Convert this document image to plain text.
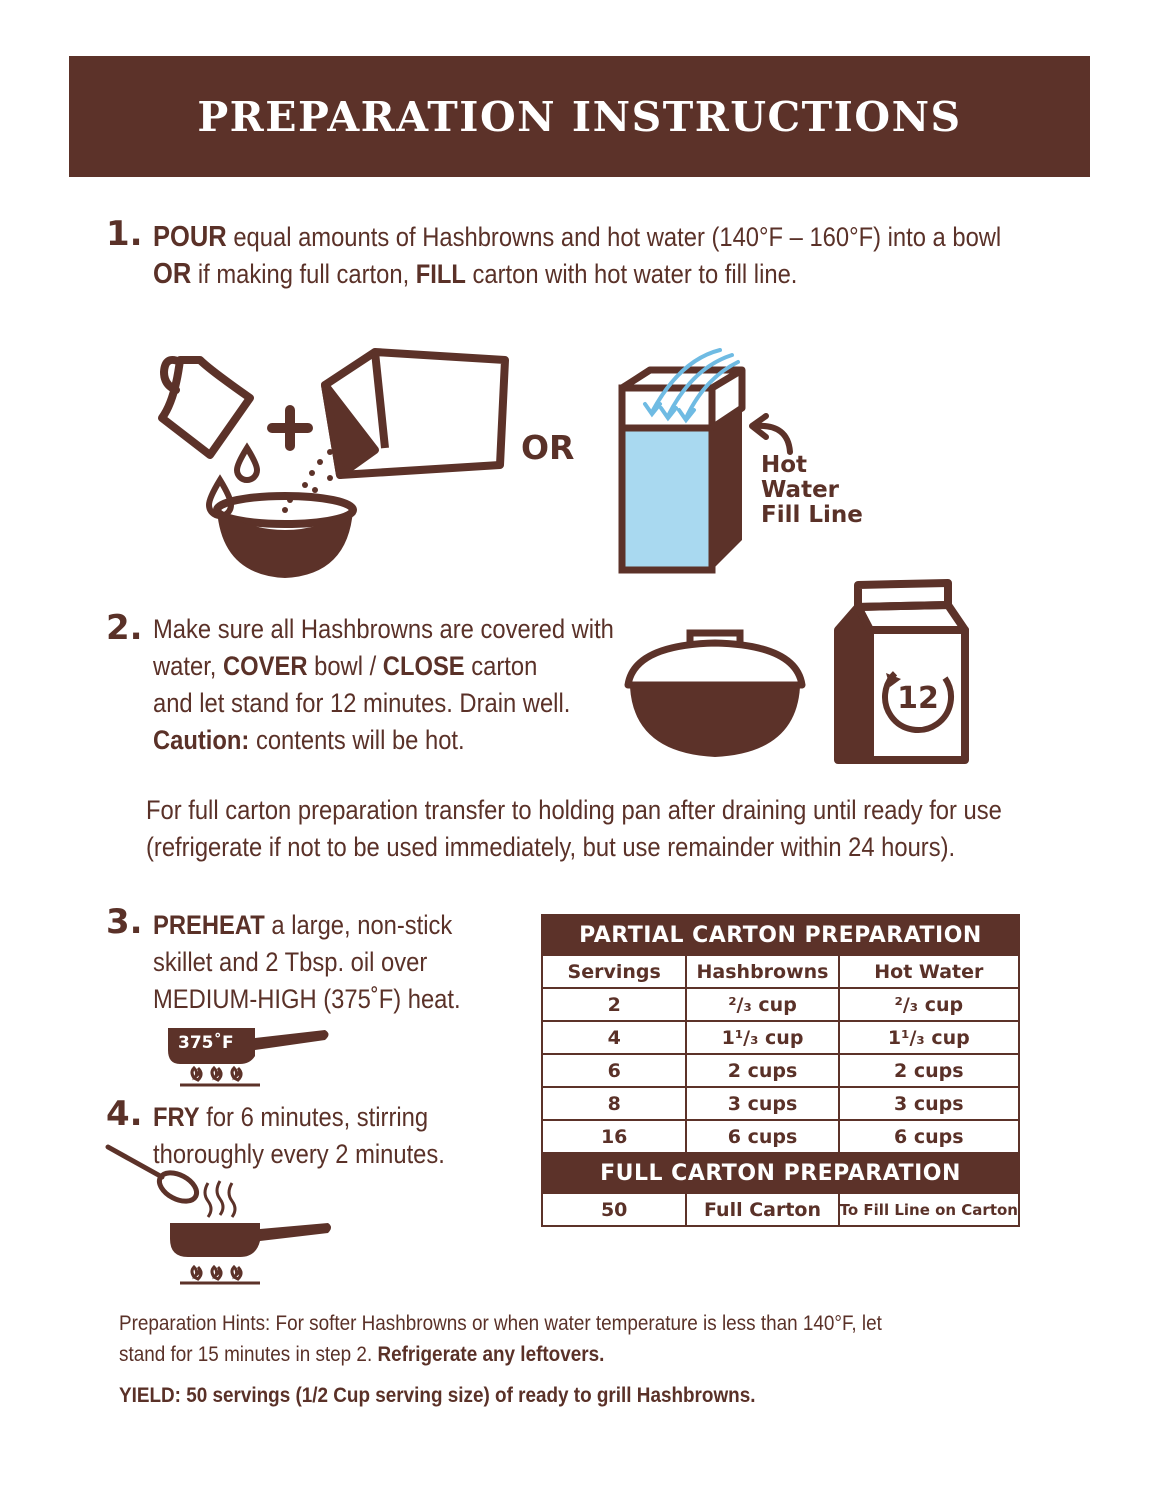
PREPARATION INSTRUCTIONS
1. POUR equal amounts of Hashbrowns and hot water (140°F – 160°F) into a bowl
OR if making full carton, FILL carton with hot water to fill line.
OR	Hot
Water
Fill Line
2. Make sure all Hashbrowns are covered with
water, COVER bowl / CLOSE carton
and let stand for 12 minutes. Drain well.
Caution: contents will be hot.
12
For full carton preparation transfer to holding pan after draining until ready for use
(refrigerate if not to be used immediately, but use remainder within 24 hours).
3. PREHEAT a large, non-stick
skillet and 2 Tbsp. oil over
MEDIUM-HIGH (375˚F) heat.
375˚F
4. FRY for 6 minutes, stirring
thoroughly every 2 minutes.
PARTIAL CARTON PREPARATION		
Servings	Hashbrowns	Hot Water
2	²/₃ cup	²/₃ cup
4	1¹/₃ cup	1¹/₃ cup
6	2 cups	2 cups
8	3 cups	3 cups
16	6 cups	6 cups
FULL CARTON PREPARATION		
50	Full Carton	To Fill Line on Carton
Preparation Hints: For softer Hashbrowns or when water temperature is less than 140°F, let
stand for 15 minutes in step 2. Refrigerate any leftovers.
YIELD: 50 servings (1/2 Cup serving size) of ready to grill Hashbrowns.
